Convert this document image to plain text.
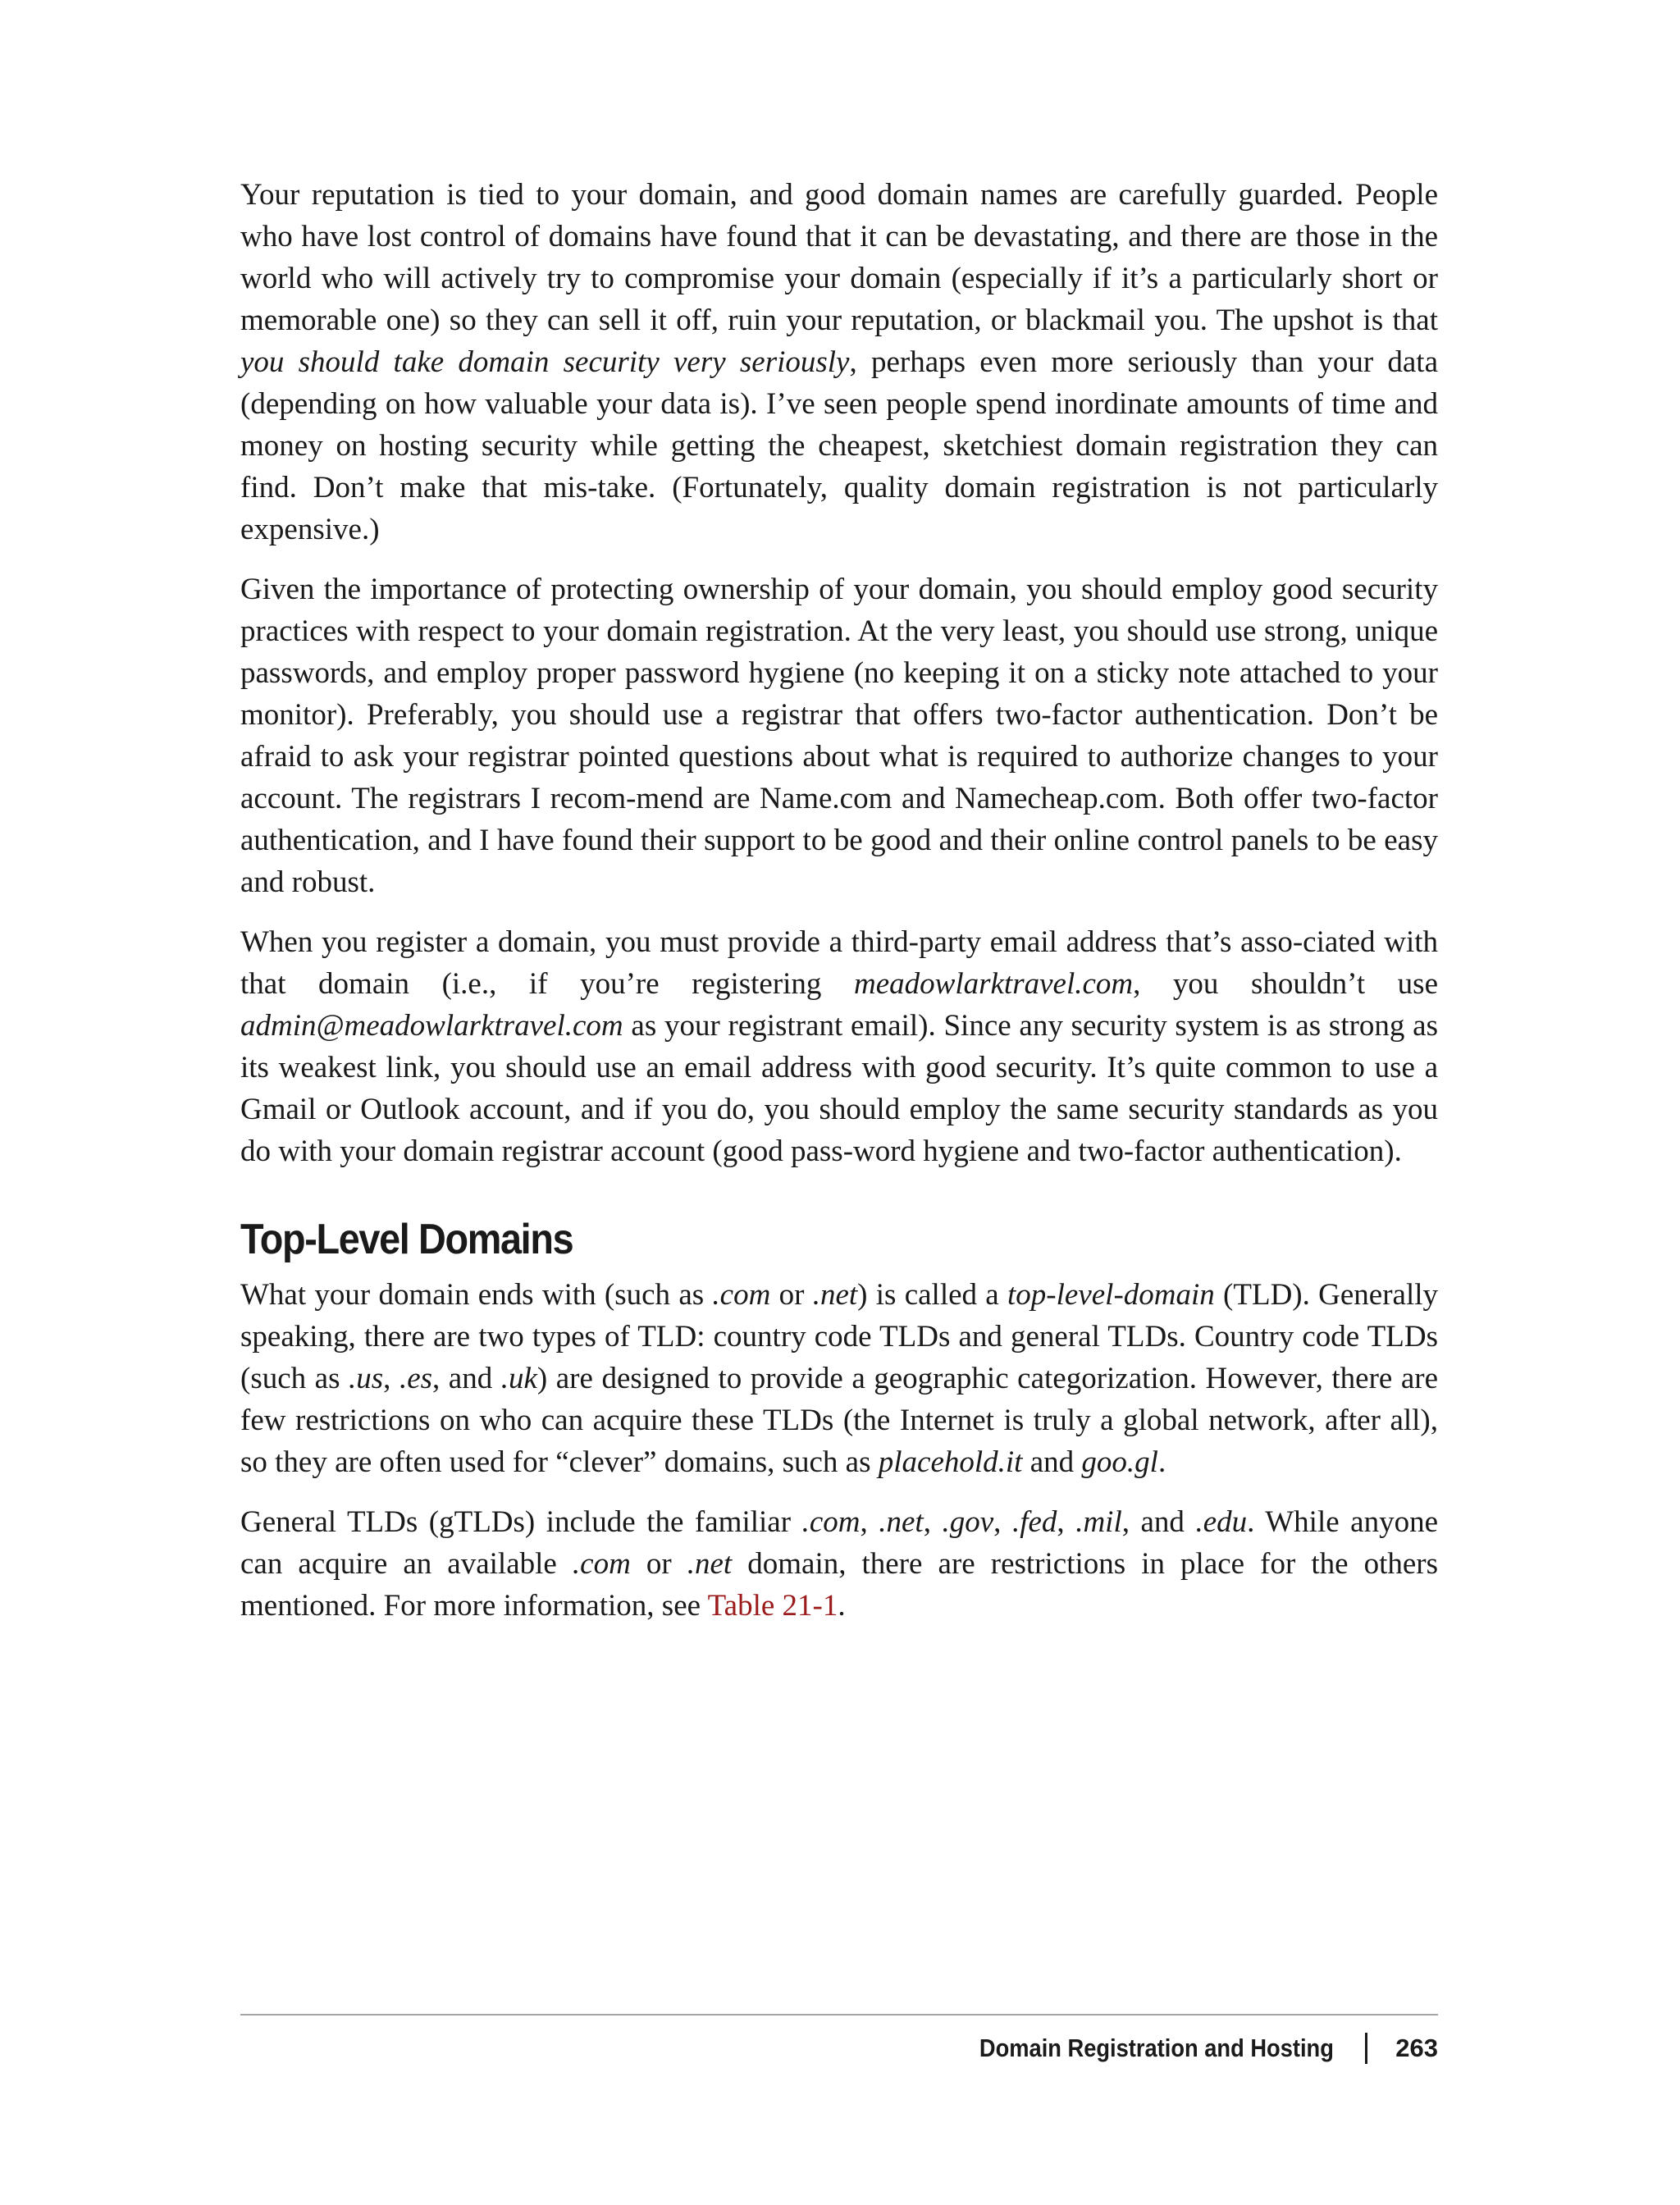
Your reputation is tied to your domain, and good domain names are carefully guarded. People who have lost control of domains have found that it can be devastating, and there are those in the world who will actively try to compromise your domain (especially if it’s a particularly short or memorable one) so they can sell it off, ruin your reputation, or blackmail you. The upshot is that you should take domain security very seriously, perhaps even more seriously than your data (depending on how valuable your data is). I’ve seen people spend inordinate amounts of time and money on hosting security while getting the cheapest, sketchiest domain registration they can find. Don’t make that mis-take. (Fortunately, quality domain registration is not particularly expensive.)

Given the importance of protecting ownership of your domain, you should employ good security practices with respect to your domain registration. At the very least, you should use strong, unique passwords, and employ proper password hygiene (no keeping it on a sticky note attached to your monitor). Preferably, you should use a registrar that offers two-factor authentication. Don’t be afraid to ask your registrar pointed questions about what is required to authorize changes to your account. The registrars I recom-mend are Name.com and Namecheap.com. Both offer two-factor authentication, and I have found their support to be good and their online control panels to be easy and robust.

When you register a domain, you must provide a third-party email address that’s asso-ciated with that domain (i.e., if you’re registering meadowlarktravel.com, you shouldn’t use admin@meadowlarktravel.com as your registrant email). Since any security system is as strong as its weakest link, you should use an email address with good security. It’s quite common to use a Gmail or Outlook account, and if you do, you should employ the same security standards as you do with your domain registrar account (good pass-word hygiene and two-factor authentication).

Top-Level Domains

What your domain ends with (such as .com or .net) is called a top-level-domain (TLD). Generally speaking, there are two types of TLD: country code TLDs and general TLDs. Country code TLDs (such as .us, .es, and .uk) are designed to provide a geographic categorization. However, there are few restrictions on who can acquire these TLDs (the Internet is truly a global network, after all), so they are often used for “clever” domains, such as placehold.it and goo.gl.

General TLDs (gTLDs) include the familiar .com, .net, .gov, .fed, .mil, and .edu. While anyone can acquire an available .com or .net domain, there are restrictions in place for the others mentioned. For more information, see Table 21-1.

Domain Registration and Hosting 263
